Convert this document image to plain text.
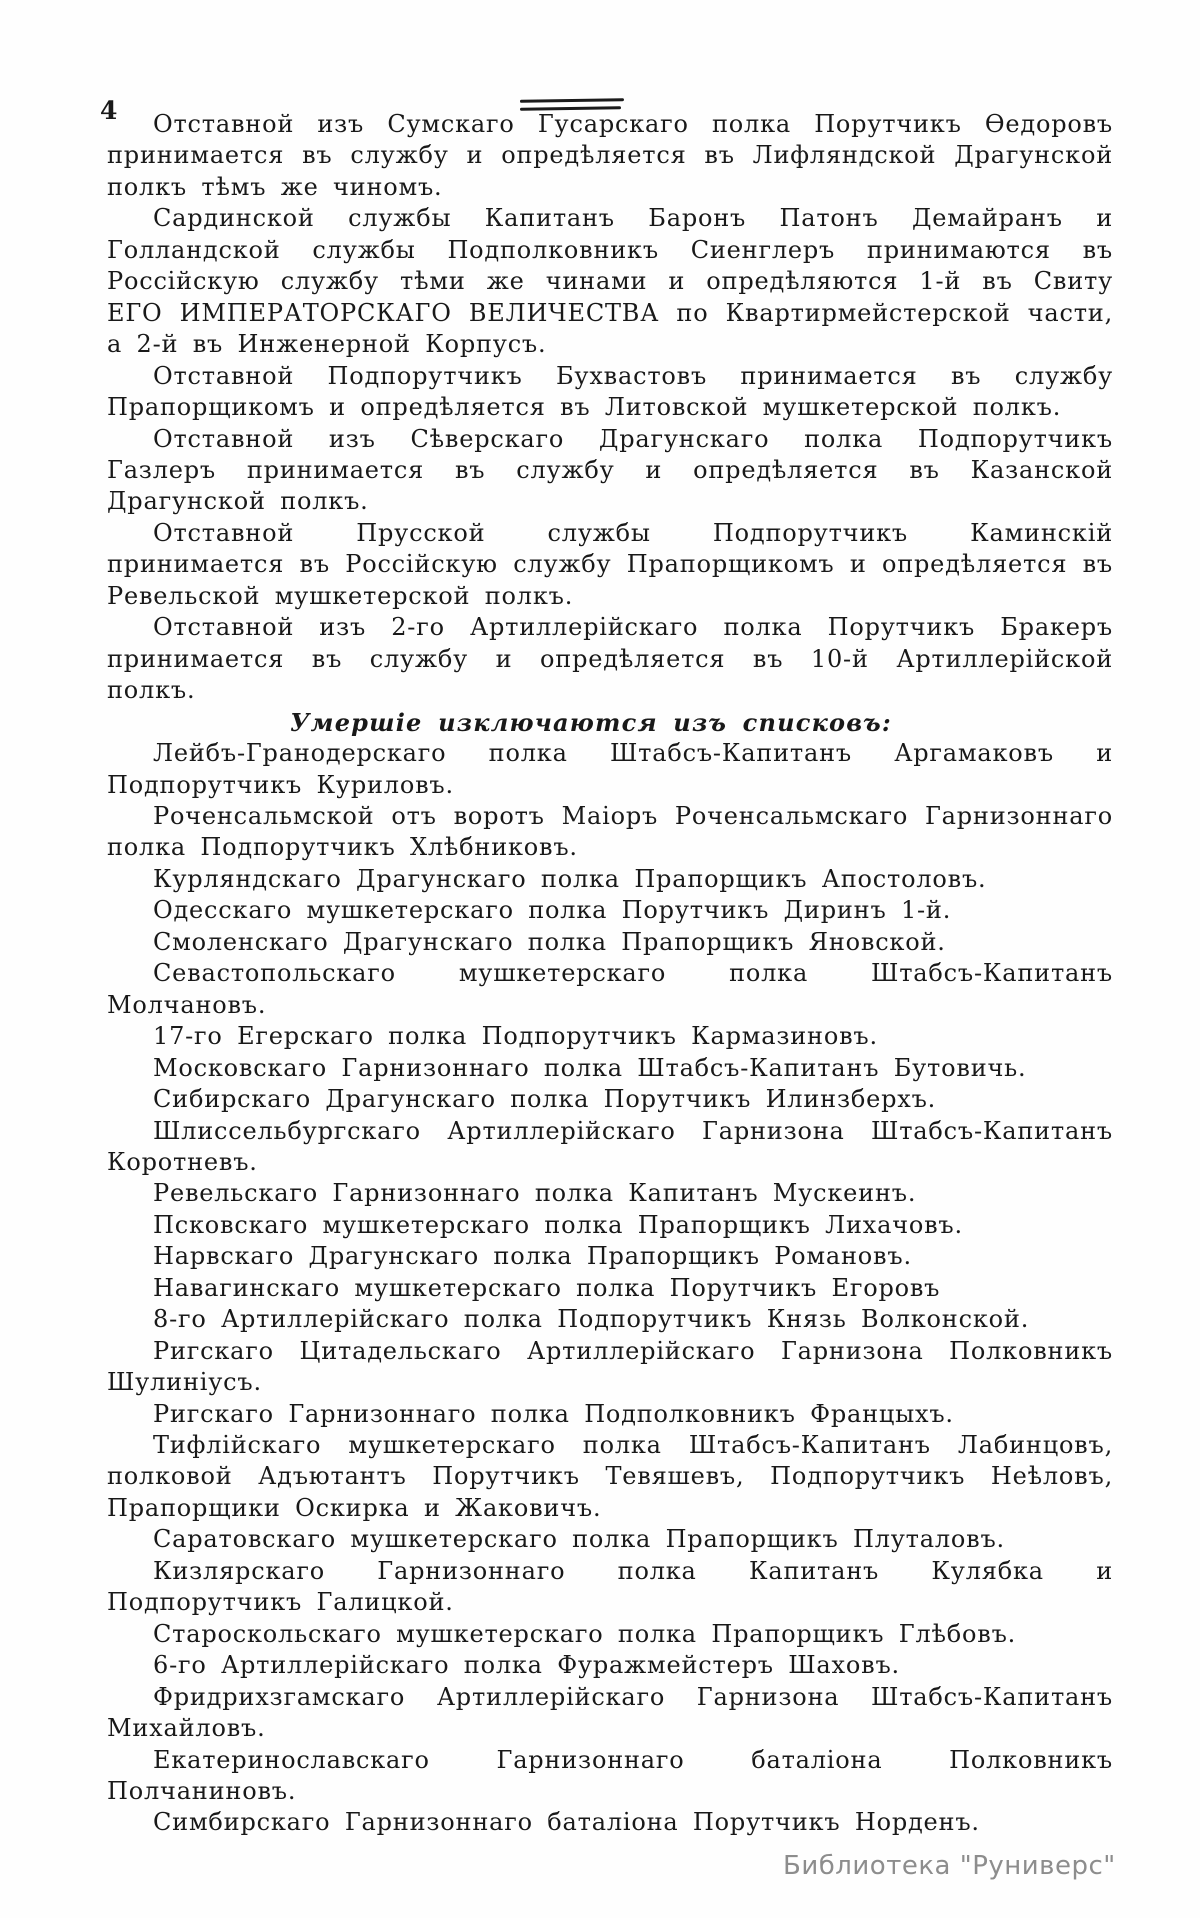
4	Отставной изъ Сумскаго Гусарскаго полка Порутчикъ Ѳедоровъ принимается въ службу и опредѣляется въ Лифляндской Драгунской полкъ тѣмъ же чиномъ.

Сардинской службы Капитанъ Баронъ Патонъ Демайранъ и Голландской службы Подполковникъ Сиенглеръ принимаются въ Россійскую службу тѣми же чинами и опредѣляются 1-й въ Свиту ЕГО ИМПЕРАТОРСКАГО ВЕЛИЧЕСТВА по Квартирмейстерской части, а 2-й въ Инженерной Корпусъ.

Отставной Подпорутчикъ Бухвастовъ принимается въ службу Прапорщикомъ и опредѣляется въ Литовской мушкетерской полкъ.

Отставной изъ Сѣверскаго Драгунскаго полка Подпорутчикъ Газлеръ принимается въ службу и опредѣляется въ Казанской Драгунской полкъ.

Отставной Прусской службы Подпорутчикъ Каминскій принимается въ Россійскую службу Прапорщикомъ и опредѣляется въ Ревельской мушкетерской полкъ.

Отставной изъ 2-го Артиллерійскаго полка Порутчикъ Бракеръ принимается въ службу и опредѣляется въ 10-й Артиллерійской полкъ.

Умершіе изключаются изъ списковъ:

Лейбъ-Гранодерскаго полка Штабсъ-Капитанъ Аргамаковъ и Подпорутчикъ Куриловъ.

Роченсальмской отъ воротъ Маіоръ Роченсальмскаго Гарнизоннаго полка Подпорутчикъ Хлѣбниковъ.

Курляндскаго Драгунскаго полка Прапорщикъ Апостоловъ.

Одесскаго мушкетерскаго полка Порутчикъ Диринъ 1-й.

Смоленскаго Драгунскаго полка Прапорщикъ Яновской.

Севастопольскаго мушкетерскаго полка Штабсъ-Капитанъ Молчановъ.

17-го Егерскаго полка Подпорутчикъ Кармазиновъ.

Московскаго Гарнизоннаго полка Штабсъ-Капитанъ Бутовичь.

Сибирскаго Драгунскаго полка Порутчикъ Илинзберхъ.

Шлиссельбургскаго Артиллерійскаго Гарнизона Штабсъ-Капитанъ Коротневъ.

Ревельскаго Гарнизоннаго полка Капитанъ Мускеинъ.

Псковскаго мушкетерскаго полка Прапорщикъ Лихачовъ.

Нарвскаго Драгунскаго полка Прапорщикъ Романовъ.

Навагинскаго мушкетерскаго полка Порутчикъ Егоровъ

8-го Артиллерійскаго полка Подпорутчикъ Князь Волконской.

Ригскаго Цитадельскаго Артиллерійскаго Гарнизона Полковникъ Шулиніусъ.

Ригскаго Гарнизоннаго полка Подполковникъ Францыхъ.

Тифлійскаго мушкетерскаго полка Штабсъ-Капитанъ Лабинцовъ, полковой Адъютантъ Порутчикъ Тевяшевъ, Подпорутчикъ Неѣловъ, Прапорщики Оскирка и Жаковичъ.

Саратовскаго мушкетерскаго полка Прапорщикъ Плуталовъ.

Кизлярскаго Гарнизоннаго полка Капитанъ Кулябка и Подпорутчикъ Галицкой.

Староскольскаго мушкетерскаго полка Прапорщикъ Глѣбовъ.

6-го Артиллерійскаго полка Фуражмейстеръ Шаховъ.

Фридрихзгамскаго Артиллерійскаго Гарнизона Штабсъ-Капитанъ Михайловъ.

Екатеринославскаго Гарнизоннаго баталіона Полковникъ Полчаниновъ.

Симбирскаго Гарнизоннаго баталіона Порутчикъ Норденъ.

Библиотека "Руниверс"
